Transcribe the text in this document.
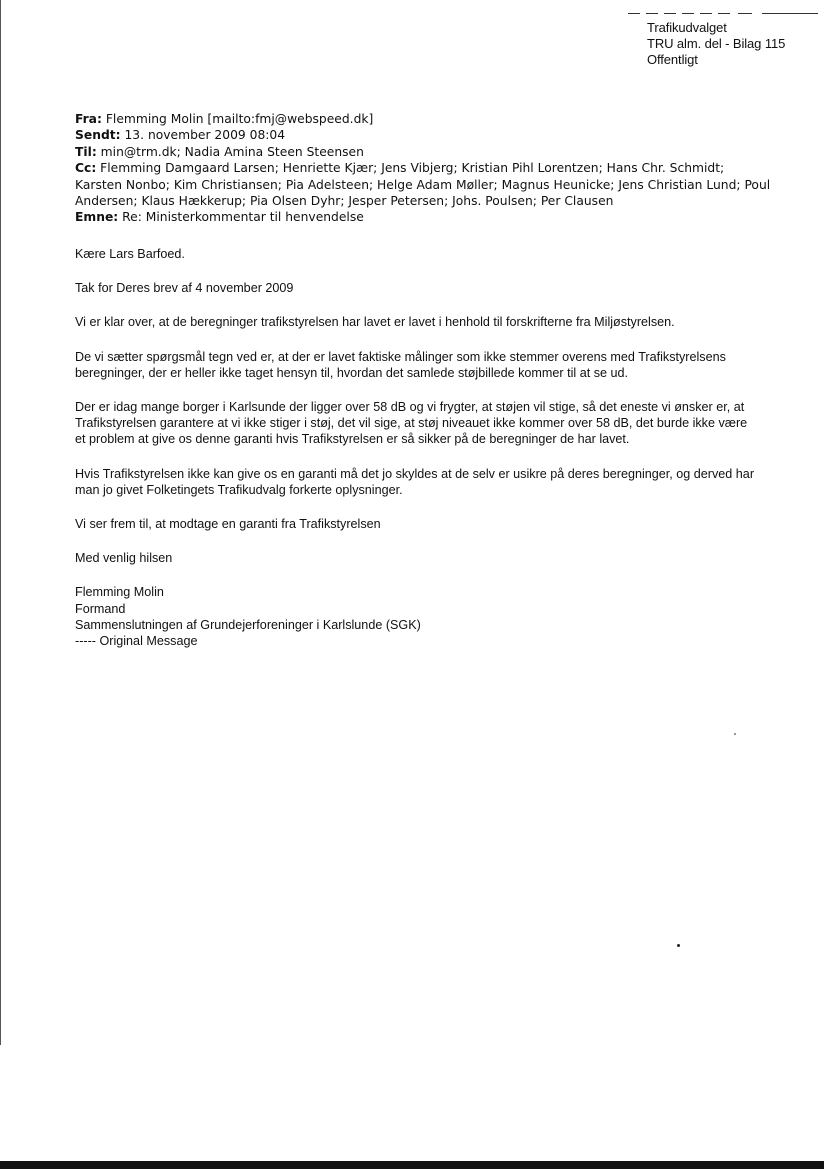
Trafikudvalget
TRU alm. del - Bilag 115
Offentligt
Fra: Flemming Molin [mailto:fmj@webspeed.dk]
Sendt: 13. november 2009 08:04
Til: min@trm.dk; Nadia Amina Steen Steensen
Cc: Flemming Damgaard Larsen; Henriette Kjær; Jens Vibjerg; Kristian Pihl Lorentzen; Hans Chr. Schmidt; Karsten Nonbo; Kim Christiansen; Pia Adelsteen; Helge Adam Møller; Magnus Heunicke; Jens Christian Lund; Poul Andersen; Klaus Hækkerup; Pia Olsen Dyhr; Jesper Petersen; Johs. Poulsen; Per Clausen
Emne: Re: Ministerkommentar til henvendelse

Kære Lars Barfoed.

Tak for Deres brev af 4 november 2009

Vi er klar over, at de beregninger trafikstyrelsen har lavet er lavet i henhold til forskrifterne fra Miljøstyrelsen.

De vi sætter spørgsmål tegn ved er, at der er lavet faktiske målinger som ikke stemmer overens med Trafikstyrelsens beregninger, der er heller ikke taget hensyn til, hvordan det samlede støjbillede kommer til at se ud.

Der er idag mange borger i Karlsunde der ligger over 58 dB og vi frygter, at støjen vil stige, så det eneste vi ønsker er, at Trafikstyrelsen garantere at vi ikke stiger i støj, det vil sige, at støj niveauet ikke kommer over 58 dB, det burde ikke være et problem at give os denne garanti hvis Trafikstyrelsen er så sikker på de beregninger de har lavet.

Hvis Trafikstyrelsen ikke kan give os en garanti må det jo skyldes at de selv er usikre på deres beregninger, og derved har man jo givet Folketingets Trafikudvalg forkerte oplysninger.

Vi ser frem til, at modtage en garanti fra Trafikstyrelsen

Med venlig hilsen

Flemming Molin

Formand

Sammenslutningen af Grundejerforeninger i Karlslunde (SGK)

----- Original Message
